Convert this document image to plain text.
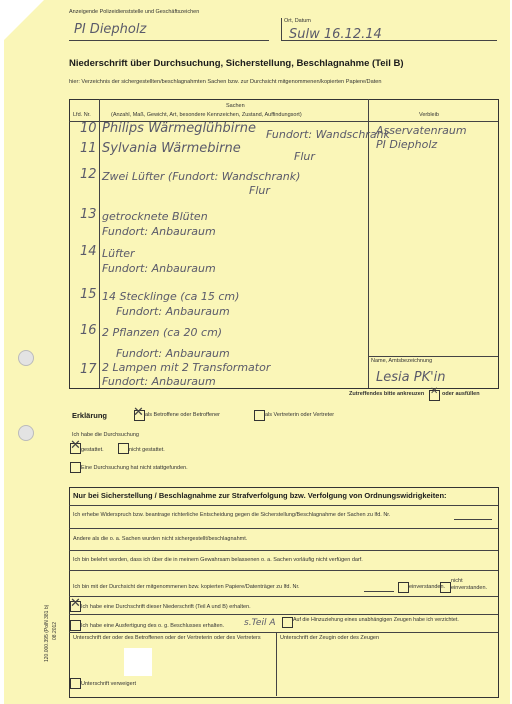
Anzeigende Polizeidienststelle und Geschäftszeichen
PI Diepholz
Ort, Datum
Sulw 16.12.14
Niederschrift über Durchsuchung, Sicherstellung, Beschlagnahme (Teil B)
hier: Verzeichnis der sichergestellten/beschlagnahmten Sachen bzw. zur Durchsicht mitgenommenen/kopierten Papiere/Daten
Lfd. Nr.
Sachen
(Anzahl, Maß, Gewicht, Art, besondere Kennzeichen, Zustand, Auffindungsort)	Verbleib
10 Philips Wärmeglühbirne Fundort: Wandschrank
Flur
11 Sylvania Wärmebirne
12 Zwei Lüfter (Fundort: Wandschrank)
Flur
13 getrocknete Blüten
Fundort: Anbauraum
14 Lüfter
Fundort: Anbauraum
15 14 Stecklinge (ca 15 cm)
Fundort: Anbauraum
16 2 Pflanzen (ca 20 cm)
Fundort: Anbauraum
17 2 Lampen mit 2 Transformator
Fundort: Anbauraum
Asservatenraum
PI Diepholz
Name, Amtsbezeichnung
Lesia PK'in
Zutreffendes bitte ankreuzen ✕ oder ausfüllen
Erklärung ✕ als Betroffene oder Betroffener	als Vertreterin oder Vertreter
Ich habe die Durchsuchung
✕ gestattet.	nicht gestattet.
Eine Durchsuchung hat nicht stattgefunden.
Nur bei Sicherstellung / Beschlagnahme zur Strafverfolgung bzw. Verfolgung von Ordnungswidrigkeiten:
Ich erhebe Widerspruch bzw. beantrage richterliche Entscheidung gegen die Sicherstellung/Beschlagnahme der Sachen zu lfd. Nr.
Andere als die o. a. Sachen wurden nicht sichergestellt/beschlagnahmt.
Ich bin belehrt worden, dass ich über die in meinem Gewahrsam belassenen o. a. Sachen vorläufig nicht verfügen darf.
Ich bin mit der Durchsicht der mitgenommenen bzw. kopierten Papiere/Datenträger zu lfd. Nr.	einverstanden.
nicht
einverstanden.
✕ Ich habe eine Durchschrift dieser Niederschrift (Teil A und B) erhalten.
Ich habe eine Ausfertigung des o. g. Beschlusses erhalten. s.Teil A	Auf die Hinzuziehung eines unabhängigen Zeugen habe ich verzichtet.
Unterschrift der oder des Betroffenen oder der Vertreterin oder des Vertreters	Unterschrift der Zeugin oder des Zeugen
Unterschrift verweigert
120.000.395 (PolN 381 b) 08.2012
